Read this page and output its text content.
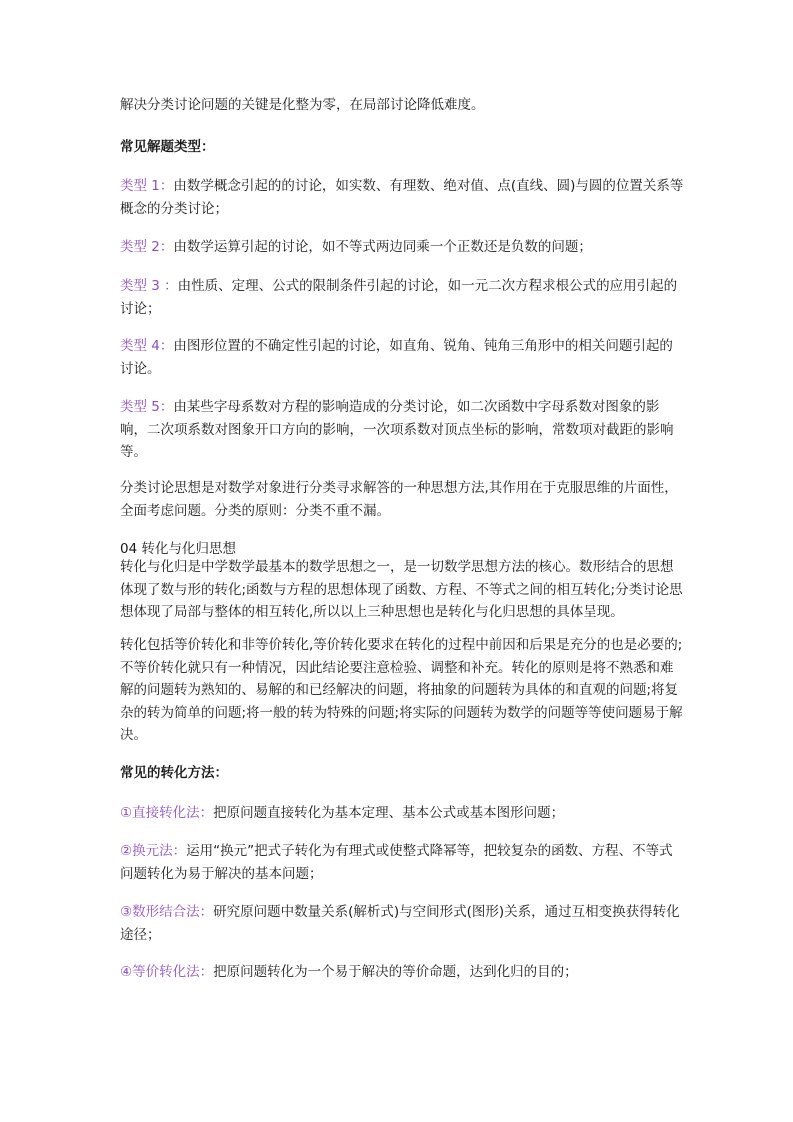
解决分类讨论问题的关键是化整为零，在局部讨论降低难度。

常见解题类型：

类型 1：由数学概念引起的的讨论，如实数、有理数、绝对值、点(直线、圆)与圆的位置关系等概念的分类讨论；

类型 2：由数学运算引起的讨论，如不等式两边同乘一个正数还是负数的问题；

类型 3 ：由性质、定理、公式的限制条件引起的讨论，如一元二次方程求根公式的应用引起的讨论；

类型 4：由图形位置的不确定性引起的讨论，如直角、锐角、钝角三角形中的相关问题引起的讨论。

类型 5：由某些字母系数对方程的影响造成的分类讨论，如二次函数中字母系数对图象的影响，二次项系数对图象开口方向的影响，一次项系数对顶点坐标的影响，常数项对截距的影响等。

分类讨论思想是对数学对象进行分类寻求解答的一种思想方法,其作用在于克服思维的片面性，全面考虑问题。分类的原则：分类不重不漏。

04 转化与化归思想

转化与化归是中学数学最基本的数学思想之一，是一切数学思想方法的核心。数形结合的思想体现了数与形的转化;函数与方程的思想体现了函数、方程、不等式之间的相互转化;分类讨论思想体现了局部与整体的相互转化,所以以上三种思想也是转化与化归思想的具体呈现。

转化包括等价转化和非等价转化,等价转化要求在转化的过程中前因和后果是充分的也是必要的;不等价转化就只有一种情况，因此结论要注意检验、调整和补充。转化的原则是将不熟悉和难解的问题转为熟知的、易解的和已经解决的问题，将抽象的问题转为具体的和直观的问题;将复杂的转为简单的问题;将一般的转为特殊的问题;将实际的问题转为数学的问题等等使问题易于解决。

常见的转化方法：

①直接转化法：把原问题直接转化为基本定理、基本公式或基本图形问题；

②换元法：运用“换元”把式子转化为有理式或使整式降幂等，把较复杂的函数、方程、不等式问题转化为易于解决的基本问题；

③数形结合法：研究原问题中数量关系(解析式)与空间形式(图形)关系，通过互相变换获得转化途径；

④等价转化法：把原问题转化为一个易于解决的等价命题，达到化归的目的；
